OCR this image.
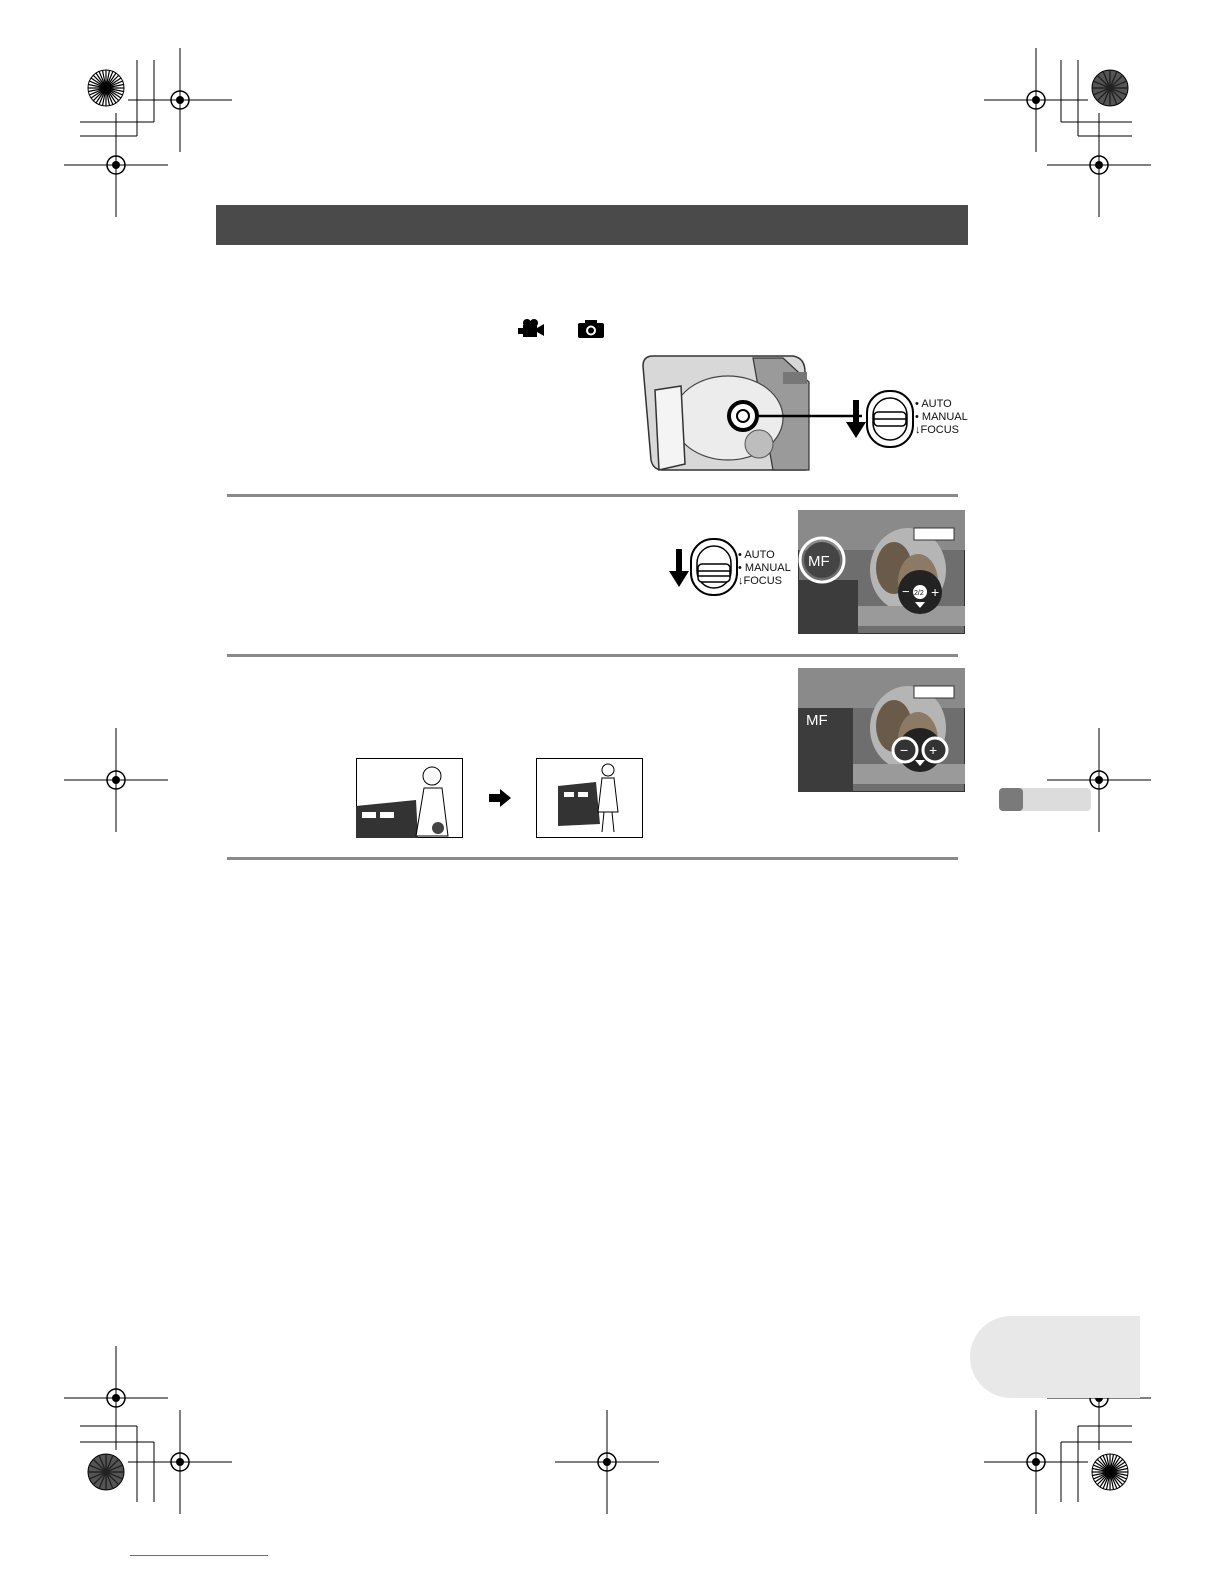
• AUTO
• MANUAL
↓FOCUS
• AUTO
• MANUAL
↓FOCUS
MF
− 2/2 +
MF
− +
